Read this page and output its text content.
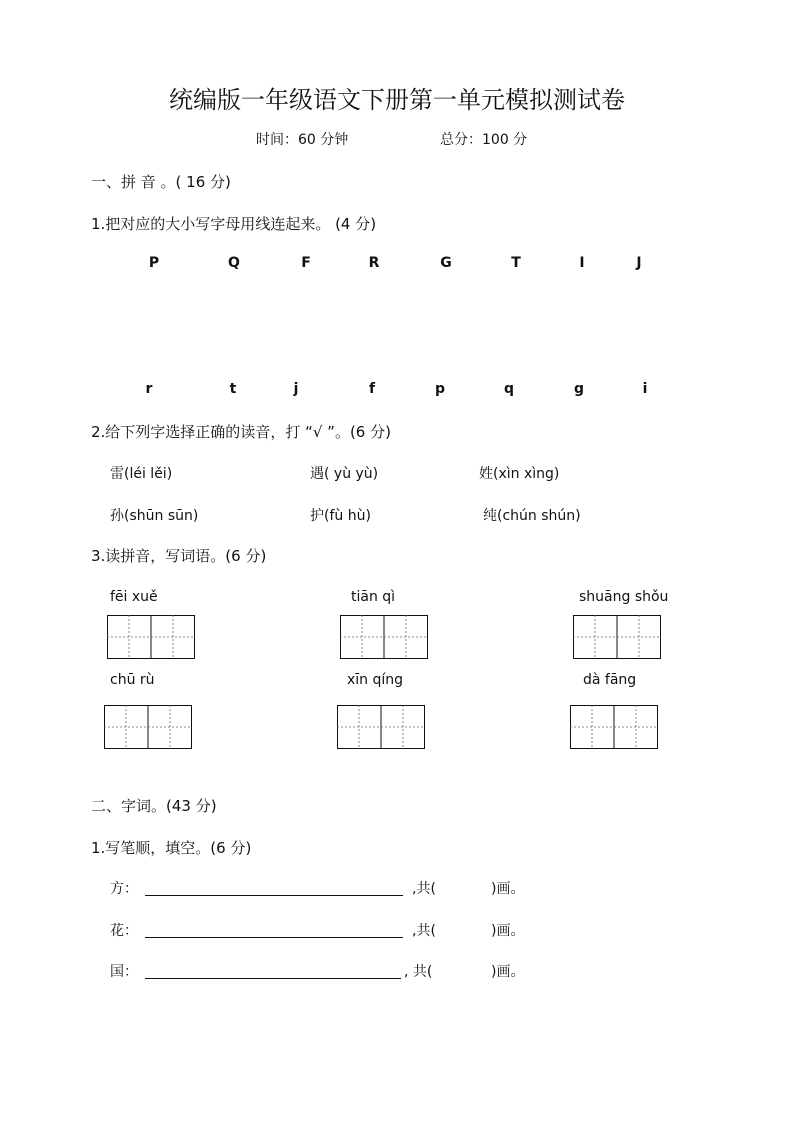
统编版一年级语文下册第一单元模拟测试卷
时间：60 分钟	总分：100 分
一、拼 音 。( 16 分)
1.把对应的大小写字母用线连起来。 (4 分)
P	Q	F	R	G	T	I	J
r	t	j	f	p	q	g	i
2.给下列字选择正确的读音，打 “√ ”。(6 分)
雷(léi lěi)	遇( yù yù)	姓(xìn xìng)
孙(shūn sūn)	护(fù hù)	纯(chún shún)
3.读拼音，写词语。(6 分)
fēi xuě	tiān qì	shuāng shǒu
chū rù	xīn qíng	dà fāng
二、字词。(43 分)
1.写笔顺，填空。(6 分)
方：	,共(	)画。
花：	,共(	)画。
国：	, 共(	)画。
